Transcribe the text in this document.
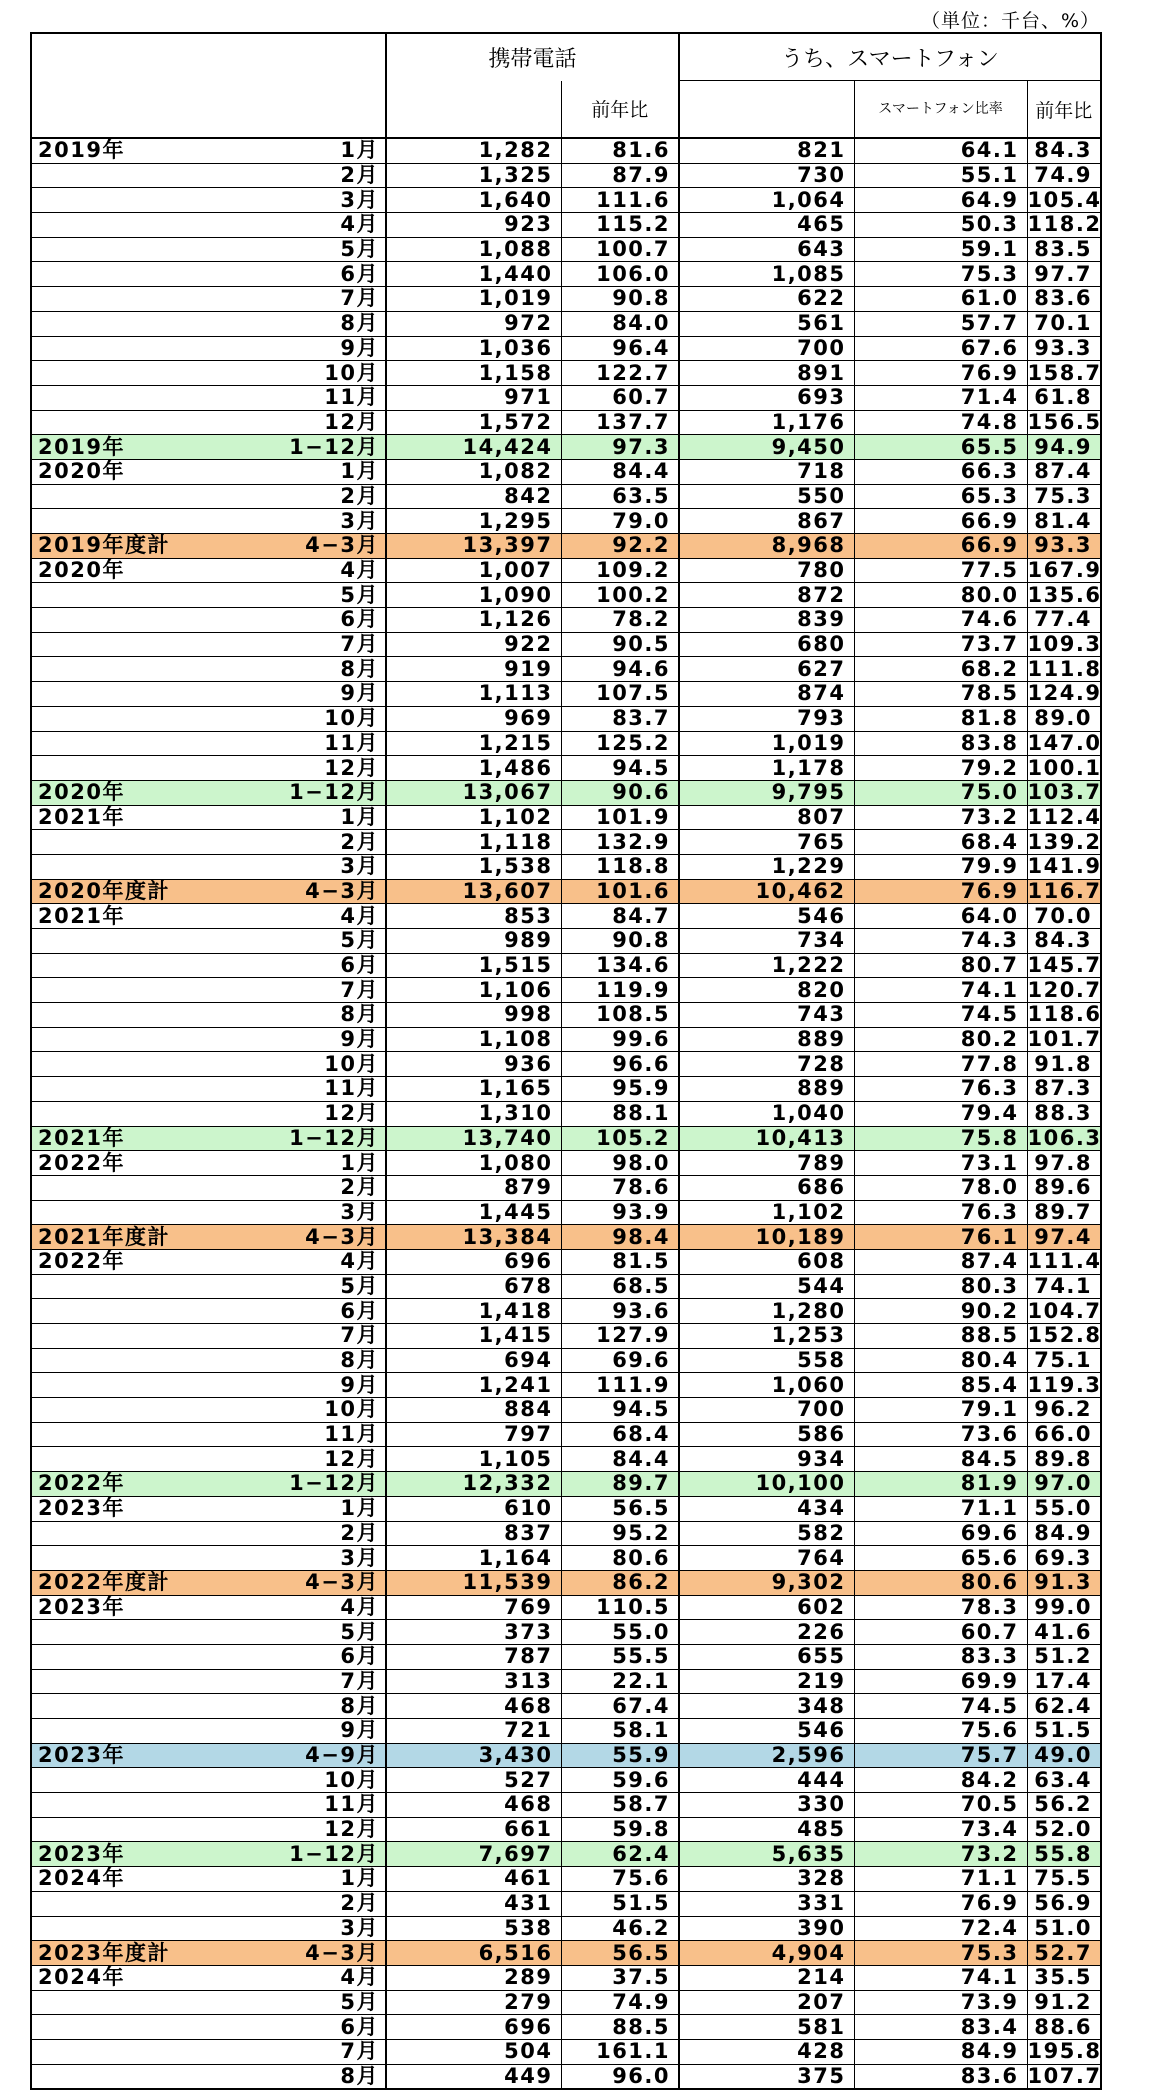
（単位：千台、%）
		携帯電話		うち、スマートフォン		
			前年比		スマートフォン比率	前年比
2019年	1月	1,282	81.6	821	64.1	84.3
	2月	1,325	87.9	730	55.1	74.9
	3月	1,640	111.6	1,064	64.9	105.4
	4月	923	115.2	465	50.3	118.2
	5月	1,088	100.7	643	59.1	83.5
	6月	1,440	106.0	1,085	75.3	97.7
	7月	1,019	90.8	622	61.0	83.6
	8月	972	84.0	561	57.7	70.1
	9月	1,036	96.4	700	67.6	93.3
	10月	1,158	122.7	891	76.9	158.7
	11月	971	60.7	693	71.4	61.8
	12月	1,572	137.7	1,176	74.8	156.5
2019年	1−12月	14,424	97.3	9,450	65.5	94.9
2020年	1月	1,082	84.4	718	66.3	87.4
	2月	842	63.5	550	65.3	75.3
	3月	1,295	79.0	867	66.9	81.4
2019年度計	4−3月	13,397	92.2	8,968	66.9	93.3
2020年	4月	1,007	109.2	780	77.5	167.9
	5月	1,090	100.2	872	80.0	135.6
	6月	1,126	78.2	839	74.6	77.4
	7月	922	90.5	680	73.7	109.3
	8月	919	94.6	627	68.2	111.8
	9月	1,113	107.5	874	78.5	124.9
	10月	969	83.7	793	81.8	89.0
	11月	1,215	125.2	1,019	83.8	147.0
	12月	1,486	94.5	1,178	79.2	100.1
2020年	1−12月	13,067	90.6	9,795	75.0	103.7
2021年	1月	1,102	101.9	807	73.2	112.4
	2月	1,118	132.9	765	68.4	139.2
	3月	1,538	118.8	1,229	79.9	141.9
2020年度計	4−3月	13,607	101.6	10,462	76.9	116.7
2021年	4月	853	84.7	546	64.0	70.0
	5月	989	90.8	734	74.3	84.3
	6月	1,515	134.6	1,222	80.7	145.7
	7月	1,106	119.9	820	74.1	120.7
	8月	998	108.5	743	74.5	118.6
	9月	1,108	99.6	889	80.2	101.7
	10月	936	96.6	728	77.8	91.8
	11月	1,165	95.9	889	76.3	87.3
	12月	1,310	88.1	1,040	79.4	88.3
2021年	1−12月	13,740	105.2	10,413	75.8	106.3
2022年	1月	1,080	98.0	789	73.1	97.8
	2月	879	78.6	686	78.0	89.6
	3月	1,445	93.9	1,102	76.3	89.7
2021年度計	4−3月	13,384	98.4	10,189	76.1	97.4
2022年	4月	696	81.5	608	87.4	111.4
	5月	678	68.5	544	80.3	74.1
	6月	1,418	93.6	1,280	90.2	104.7
	7月	1,415	127.9	1,253	88.5	152.8
	8月	694	69.6	558	80.4	75.1
	9月	1,241	111.9	1,060	85.4	119.3
	10月	884	94.5	700	79.1	96.2
	11月	797	68.4	586	73.6	66.0
	12月	1,105	84.4	934	84.5	89.8
2022年	1−12月	12,332	89.7	10,100	81.9	97.0
2023年	1月	610	56.5	434	71.1	55.0
	2月	837	95.2	582	69.6	84.9
	3月	1,164	80.6	764	65.6	69.3
2022年度計	4−3月	11,539	86.2	9,302	80.6	91.3
2023年	4月	769	110.5	602	78.3	99.0
	5月	373	55.0	226	60.7	41.6
	6月	787	55.5	655	83.3	51.2
	7月	313	22.1	219	69.9	17.4
	8月	468	67.4	348	74.5	62.4
	9月	721	58.1	546	75.6	51.5
2023年	4−9月	3,430	55.9	2,596	75.7	49.0
	10月	527	59.6	444	84.2	63.4
	11月	468	58.7	330	70.5	56.2
	12月	661	59.8	485	73.4	52.0
2023年	1−12月	7,697	62.4	5,635	73.2	55.8
2024年	1月	461	75.6	328	71.1	75.5
	2月	431	51.5	331	76.9	56.9
	3月	538	46.2	390	72.4	51.0
2023年度計	4−3月	6,516	56.5	4,904	75.3	52.7
2024年	4月	289	37.5	214	74.1	35.5
	5月	279	74.9	207	73.9	91.2
	6月	696	88.5	581	83.4	88.6
	7月	504	161.1	428	84.9	195.8
	8月	449	96.0	375	83.6	107.7
